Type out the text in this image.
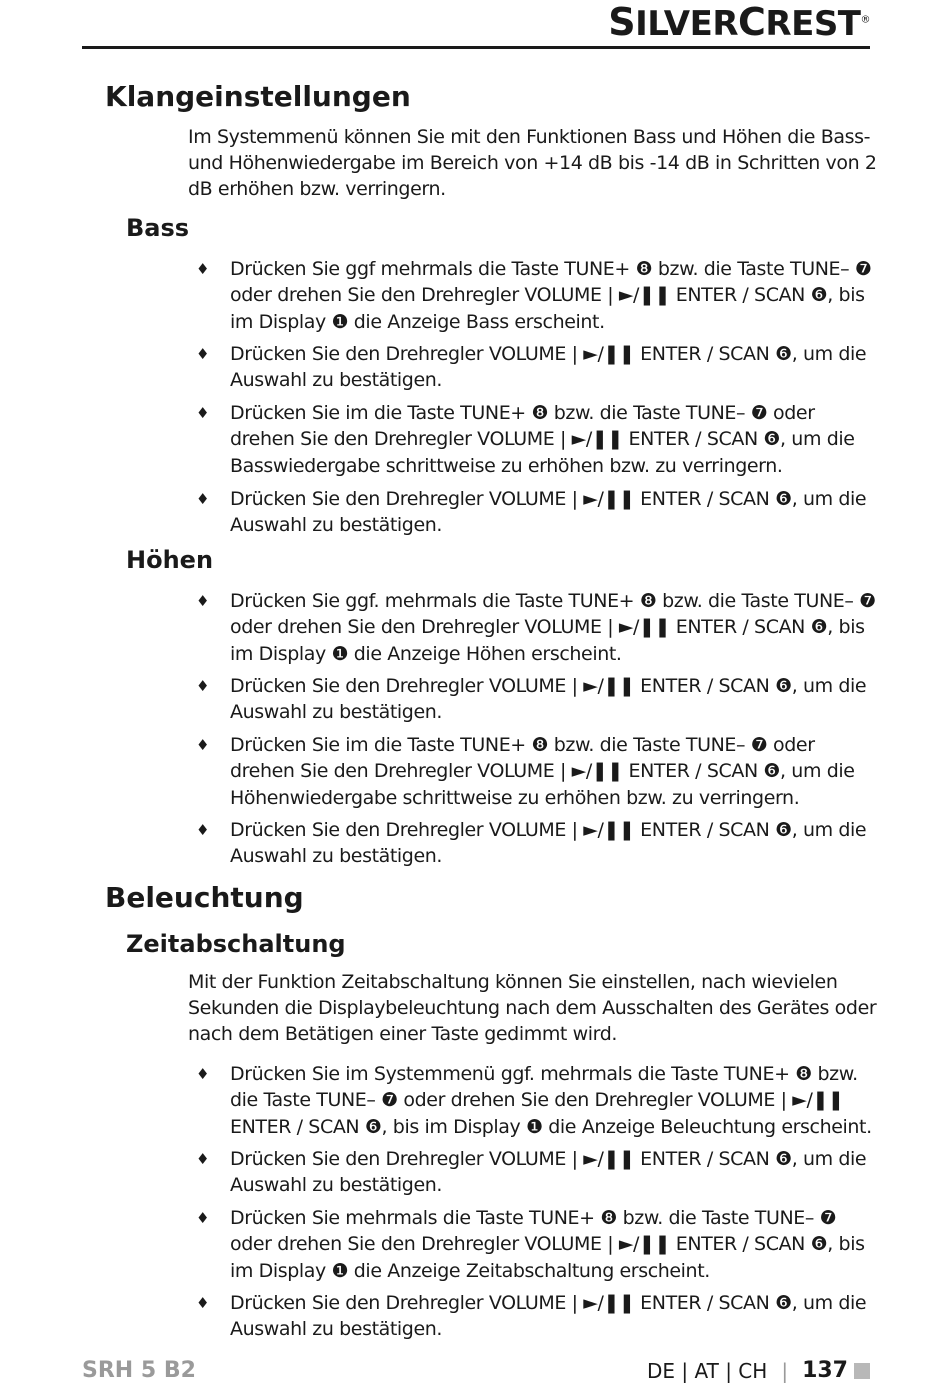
SILVERCREST®
Klangeinstellungen

Im Systemmenü können Sie mit den Funktionen Bass und Höhen die Bass- und Höhenwiedergabe im Bereich von +14 dB bis -14 dB in Schritten von 2 dB erhöhen bzw. verringern.

Bass
♦	Drücken Sie ggf mehrmals die Taste TUNE+ ❽ bzw. die Taste TUNE– ❼ oder drehen Sie den Drehregler VOLUME | ►/❚❚ ENTER / SCAN ❻, bis im Display ❶ die Anzeige Bass erscheint.
♦	Drücken Sie den Drehregler VOLUME | ►/❚❚ ENTER / SCAN ❻, um die Auswahl zu bestätigen.
♦	Drücken Sie im die Taste TUNE+ ❽ bzw. die Taste TUNE– ❼ oder drehen Sie den Drehregler VOLUME | ►/❚❚ ENTER / SCAN ❻, um die Basswiedergabe schrittweise zu erhöhen bzw. zu verringern.
♦	Drücken Sie den Drehregler VOLUME | ►/❚❚ ENTER / SCAN ❻, um die Auswahl zu bestätigen.
Höhen
♦	Drücken Sie ggf. mehrmals die Taste TUNE+ ❽ bzw. die Taste TUNE– ❼ oder drehen Sie den Drehregler VOLUME | ►/❚❚ ENTER / SCAN ❻, bis im Display ❶ die Anzeige Höhen erscheint.
♦	Drücken Sie den Drehregler VOLUME | ►/❚❚ ENTER / SCAN ❻, um die Auswahl zu bestätigen.
♦	Drücken Sie im die Taste TUNE+ ❽ bzw. die Taste TUNE– ❼ oder drehen Sie den Drehregler VOLUME | ►/❚❚ ENTER / SCAN ❻, um die Höhenwiedergabe schrittweise zu erhöhen bzw. zu verringern.
♦	Drücken Sie den Drehregler VOLUME | ►/❚❚ ENTER / SCAN ❻, um die Auswahl zu bestätigen.
Beleuchtung
Zeitabschaltung

Mit der Funktion Zeitabschaltung können Sie einstellen, nach wievielen Sekunden die Displaybeleuchtung nach dem Ausschalten des Gerätes oder nach dem Betätigen einer Taste gedimmt wird.

♦	Drücken Sie im Systemmenü ggf. mehrmals die Taste TUNE+ ❽ bzw. die Taste TUNE– ❼ oder drehen Sie den Drehregler VOLUME | ►/❚❚ ENTER / SCAN ❻, bis im Display ❶ die Anzeige Beleuchtung erscheint.
♦	Drücken Sie den Drehregler VOLUME | ►/❚❚ ENTER / SCAN ❻, um die Auswahl zu bestätigen.
♦	Drücken Sie mehrmals die Taste TUNE+ ❽ bzw. die Taste TUNE– ❼ oder drehen Sie den Drehregler VOLUME | ►/❚❚ ENTER / SCAN ❻, bis im Display ❶ die Anzeige Zeitabschaltung erscheint.
♦	Drücken Sie den Drehregler VOLUME | ►/❚❚ ENTER / SCAN ❻, um die Auswahl zu bestätigen.
SRH 5 B2	DE | AT | CH | 137
